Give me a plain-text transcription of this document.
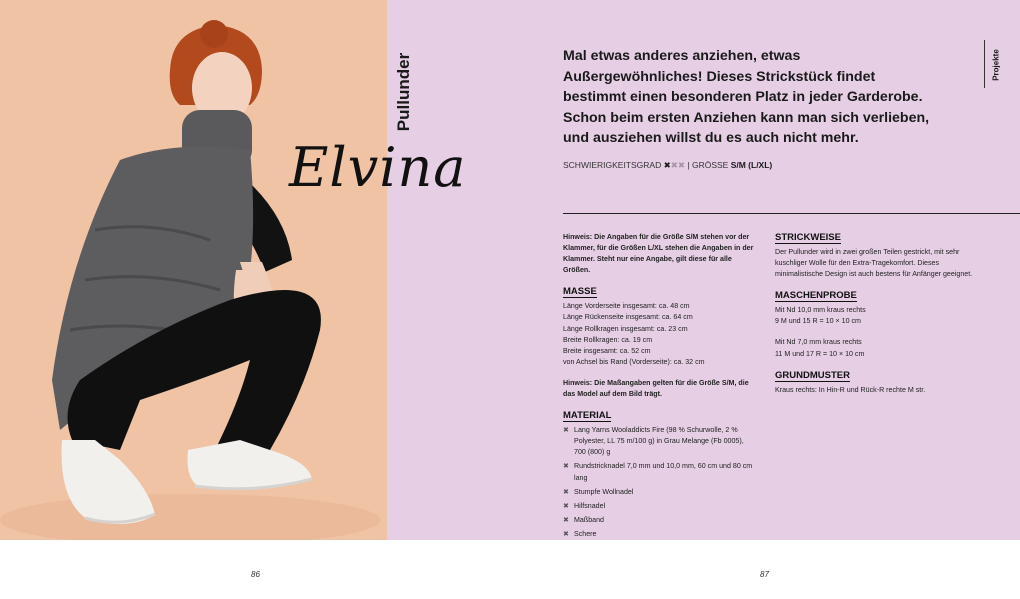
Pullunder
Elvina
Projekte
Mal etwas anderes anziehen, etwas Außergewöhnliches! Dieses Strickstück findet bestimmt einen besonderen Platz in jeder Garderobe. Schon beim ersten Anziehen kann man sich verlieben, und ausziehen willst du es auch nicht mehr.
SCHWIERIGKEITSGRAD ✖✖✖ | GRÖSSE S/M (L/XL)

Hinweis: Die Angaben für die Größe S/M stehen vor der Klammer, für die Größen L/XL stehen die Angaben in der Klammer. Steht nur eine Angabe, gilt diese für alle Größen.

MASSE

Länge Vorderseite insgesamt: ca. 48 cm

Länge Rückenseite insgesamt: ca. 64 cm

Länge Rollkragen insgesamt: ca. 23 cm

Breite Rollkragen: ca. 19 cm

Breite insgesamt: ca. 52 cm

von Achsel bis Rand (Vorderseite): ca. 32 cm

Hinweis: Die Maßangaben gelten für die Größe S/M, die das Model auf dem Bild trägt.

MATERIAL
✖ Lang Yarns Wooladdicts Fire (98 % Schurwolle, 2 % Polyester, LL 75 m/100 g) in Grau Melange (Fb 0005), 700 (800) g
✖ Rundstricknadel 7,0 mm und 10,0 mm, 60 cm und 80 cm lang
✖ Stumpfe Wollnadel
✖ Hilfsnadel
✖ Maßband
✖ Schere
STRICKWEISE

Der Pullunder wird in zwei großen Teilen gestrickt, mit sehr kuschliger Wolle für den Extra-Tragekomfort. Dieses minimalistische Design ist auch bestens für Anfänger geeignet.

MASCHENPROBE

Mit Nd 10,0 mm kraus rechts

9 M und 15 R = 10 × 10 cm

Mit Nd 7,0 mm kraus rechts

11 M und 17 R = 10 × 10 cm

GRUNDMUSTER

Kraus rechts: In Hin-R und Rück-R rechte M str.

86	87
